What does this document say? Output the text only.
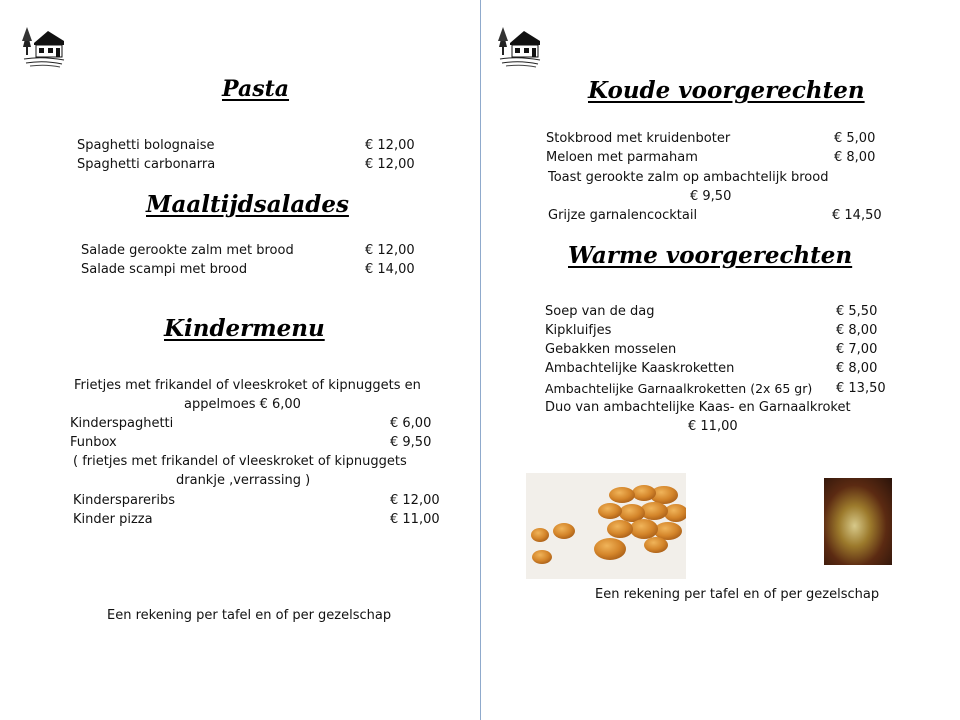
Pasta
Spaghetti bolognaise	€ 12,00
Spaghetti carbonarra	€ 12,00
Maaltijdsalades
Salade gerookte zalm met brood	€ 12,00
Salade scampi met brood	€ 14,00
Kindermenu
Frietjes met frikandel of vleeskroket of kipnuggets en
appelmoes € 6,00
Kinderspaghetti	€ 6,00
Funbox	€ 9,50
( frietjes met frikandel of vleeskroket of kipnuggets
drankje ,verrassing )
Kinderspareribs	€ 12,00
Kinder pizza	€ 11,00
Een rekening per tafel en of per gezelschap
Koude voorgerechten
Stokbrood met kruidenboter	€ 5,00
Meloen met parmaham	€ 8,00
Toast gerookte zalm op ambachtelijk brood
€ 9,50
Grijze garnalencocktail	€ 14,50
Warme voorgerechten
Soep van de dag	€ 5,50
Kipkluifjes	€ 8,00
Gebakken mosselen	€ 7,00
Ambachtelijke Kaaskroketten	€ 8,00
Ambachtelijke Garnaalkroketten (2x 65 gr) € 13,50
Duo van ambachtelijke Kaas- en Garnaalkroket
€ 11,00
Een rekening per tafel en of per gezelschap
